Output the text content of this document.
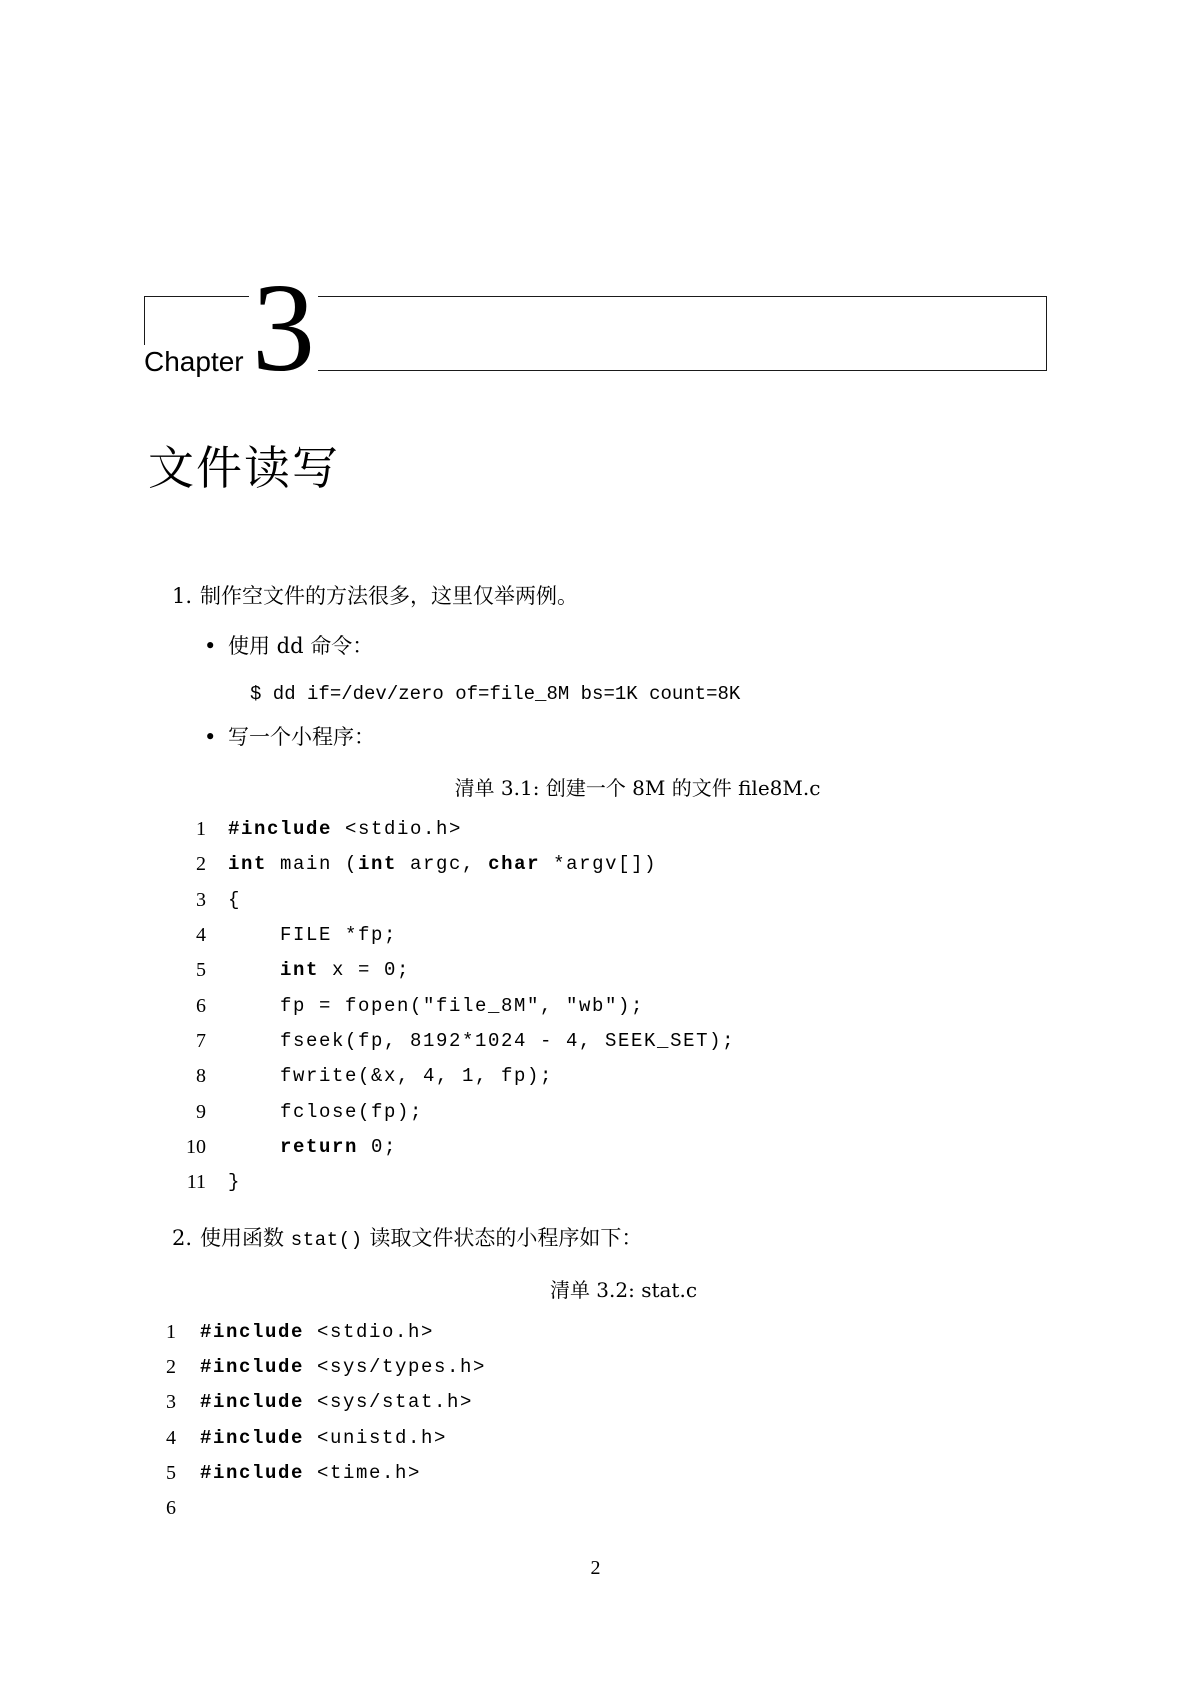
Chapter 3
文件读写
1. 制作空文件的方法很多，这里仅举两例。
• 使用 dd 命令：
$ dd if=/dev/zero of=file_8M bs=1K count=8K
• 写一个小程序：
清单 3.1: 创建一个 8M 的文件 file8M.c
1 #include <stdio.h>
2 int main (int argc, char *argv[])
3 {
4 FILE *fp;
5	int x = 0;
6 fp = fopen("file_8M", "wb");
7 fseek(fp, 8192*1024 - 4, SEEK_SET);
8 fwrite(&x, 4, 1, fp);
9 fclose(fp);
10	return 0;
11 }
2. 使用函数 stat() 读取文件状态的小程序如下：
清单 3.2: stat.c
1 #include <stdio.h>
2 #include <sys/types.h>
3 #include <sys/stat.h>
4 #include <unistd.h>
5 #include <time.h>
6
2
